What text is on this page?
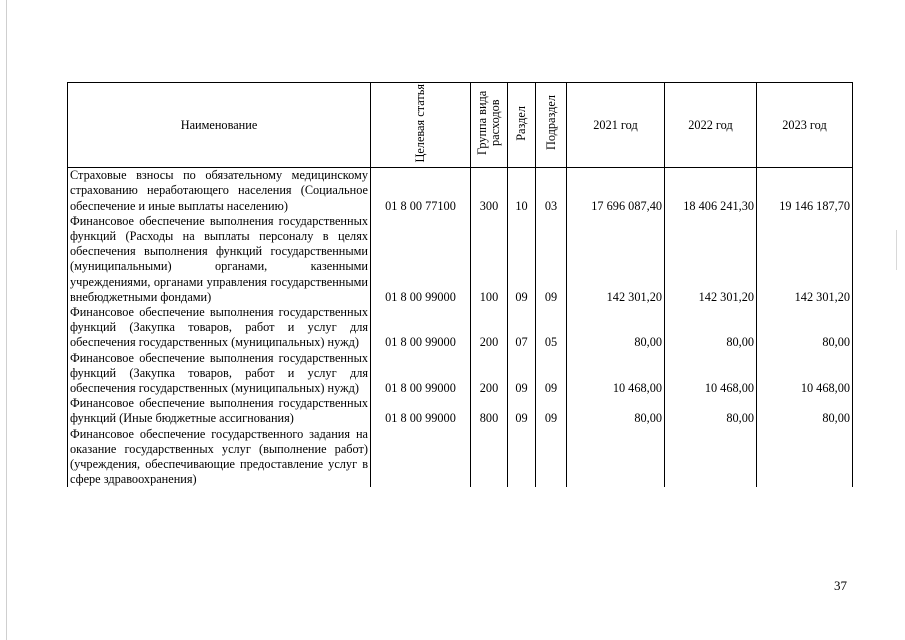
Наименование	Целевая статья	Группа вида расходов	Раздел	Подраздел	2021 год	2022 год	2023 год
Страховые взносы по обязательному медицинскому страхованию неработающего населения (Социальное обеспечение и иные выплаты населению)	01 8 00 77100	300	10	03	17 696 087,40	18 406 241,30	19 146 187,70
Финансовое обеспечение выполнения государственных функций (Расходы на выплаты персоналу в целях обеспечения выполнения функций государственными (муниципальными) органами, казенными учреждениями, органами управления государственными внебюджетными фондами)	01 8 00 99000	100	09	09	142 301,20	142 301,20	142 301,20
Финансовое обеспечение выполнения государственных функций (Закупка товаров, работ и услуг для обеспечения государственных (муниципальных) нужд)	01 8 00 99000	200	07	05	80,00	80,00	80,00
Финансовое обеспечение выполнения государственных функций (Закупка товаров, работ и услуг для обеспечения государственных (муниципальных) нужд)	01 8 00 99000	200	09	09	10 468,00	10 468,00	10 468,00
Финансовое обеспечение выполнения государственных функций (Иные бюджетные ассигнования)	01 8 00 99000	800	09	09	80,00	80,00	80,00
Финансовое обеспечение государственного задания на оказание государственных услуг (выполнение работ) (учреждения, обеспечивающие предоставление услуг в сфере здравоохранения)							
37
